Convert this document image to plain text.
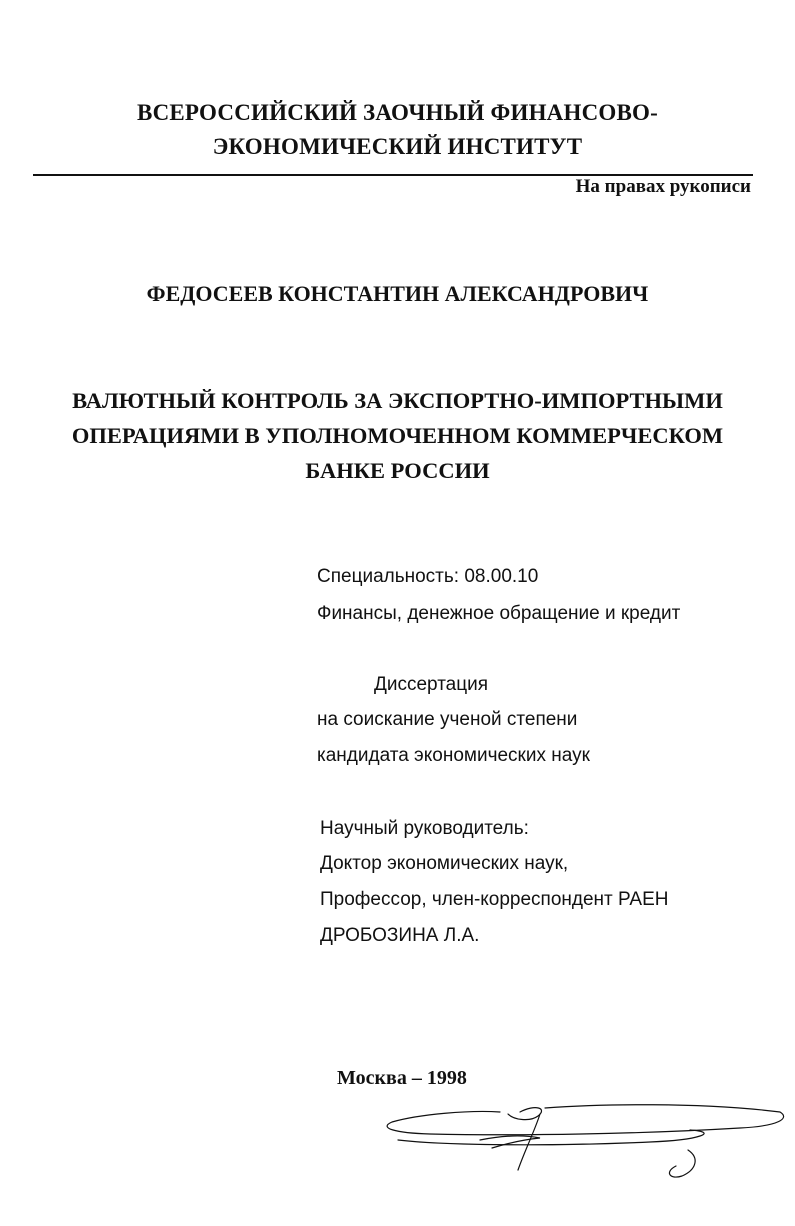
ВСЕРОССИЙСКИЙ ЗАОЧНЫЙ ФИНАНСОВО-
ЭКОНОМИЧЕСКИЙ ИНСТИТУТ
На правах рукописи
ФЕДОСЕЕВ КОНСТАНТИН АЛЕКСАНДРОВИЧ
ВАЛЮТНЫЙ КОНТРОЛЬ ЗА ЭКСПОРТНО-ИМПОРТНЫМИ
ОПЕРАЦИЯМИ В УПОЛНОМОЧЕННОМ КОММЕРЧЕСКОМ
БАНКЕ РОССИИ
Специальность: 08.00.10
Финансы, денежное обращение и кредит
Диссертация
на соискание ученой степени
кандидата экономических наук
Научный руководитель:
Доктор экономических наук,
Профессор, член-корреспондент РАЕН
ДРОБОЗИНА Л.А.
Москва – 1998
